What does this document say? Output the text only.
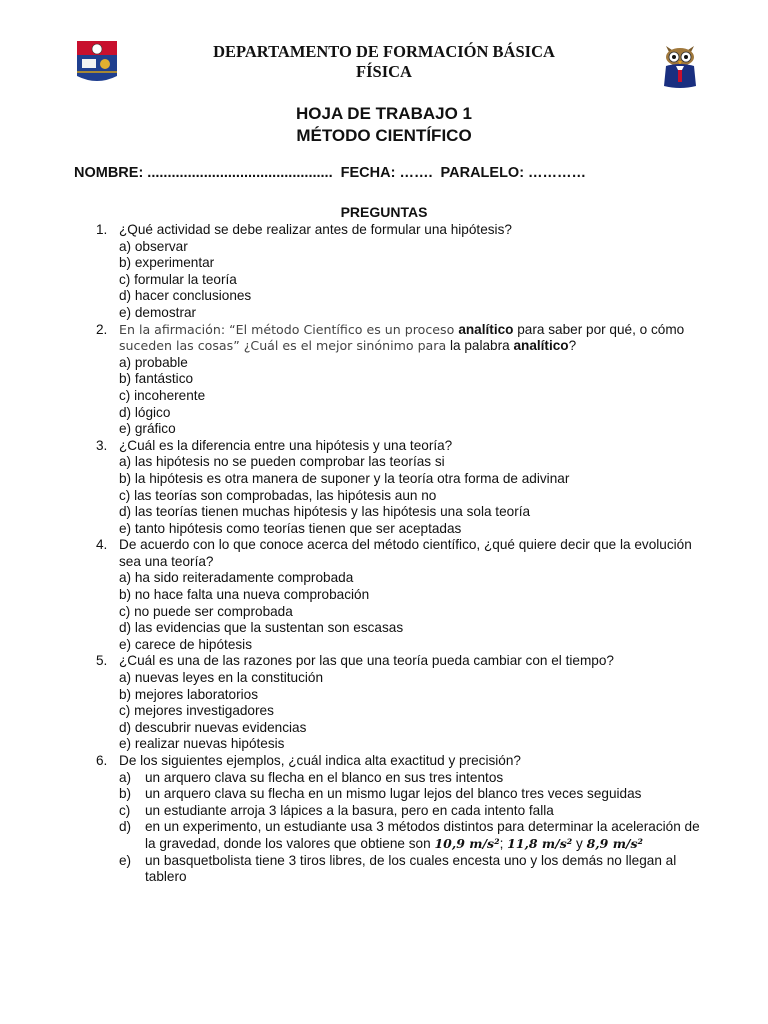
DEPARTAMENTO DE FORMACIÓN BÁSICA
FÍSICA
HOJA DE TRABAJO 1
MÉTODO CIENTÍFICO
NOMBRE: .............................................. FECHA: ……. PARALELO: …………
PREGUNTAS
1. ¿Qué actividad se debe realizar antes de formular una hipótesis?
a) observar
b) experimentar
c) formular la teoría
d) hacer conclusiones
e) demostrar
2. En la afirmación: “El método Científico es un proceso analítico para saber por qué, o cómo
suceden las cosas” ¿Cuál es el mejor sinónimo para la palabra analítico?
a) probable
b) fantástico
c) incoherente
d) lógico
e) gráfico
3. ¿Cuál es la diferencia entre una hipótesis y una teoría?
a) las hipótesis no se pueden comprobar las teorías si
b) la hipótesis es otra manera de suponer y la teoría otra forma de adivinar
c) las teorías son comprobadas, las hipótesis aun no
d) las teorías tienen muchas hipótesis y las hipótesis una sola teoría
e) tanto hipótesis como teorías tienen que ser aceptadas
4. De acuerdo con lo que conoce acerca del método científico, ¿qué quiere decir que la evolución sea una teoría?
a) ha sido reiteradamente comprobada
b) no hace falta una nueva comprobación
c) no puede ser comprobada
d) las evidencias que la sustentan son escasas
e) carece de hipótesis
5. ¿Cuál es una de las razones por las que una teoría pueda cambiar con el tiempo?
a) nuevas leyes en la constitución
b) mejores laboratorios
c) mejores investigadores
d) descubrir nuevas evidencias
e) realizar nuevas hipótesis
6. De los siguientes ejemplos, ¿cuál indica alta exactitud y precisión?
a)	un arquero clava su flecha en el blanco en sus tres intentos
b)	un arquero clava su flecha en un mismo lugar lejos del blanco tres veces seguidas
c)	un estudiante arroja 3 lápices a la basura, pero en cada intento falla
d)	en un experimento, un estudiante usa 3 métodos distintos para determinar la aceleración de la gravedad, donde los valores que obtiene son 10,9 m/s²; 11,8 m/s² y 8,9 m/s²
e)	un basquetbolista tiene 3 tiros libres, de los cuales encesta uno y los demás no llegan al tablero
